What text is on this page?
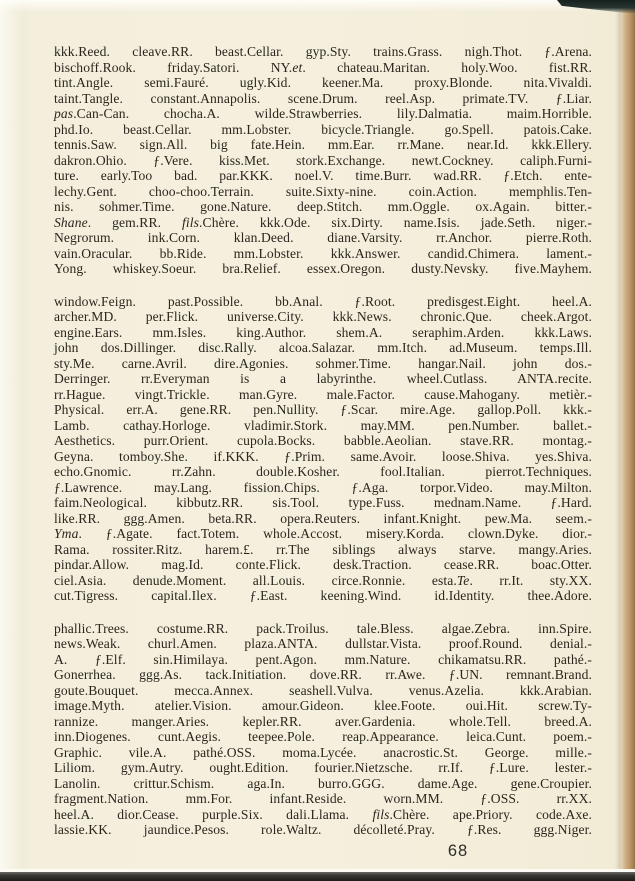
kkk.Reed. cleave.RR. beast.Cellar. gyp.Sty. trains.Grass. nigh.Thot. ƒ.Arena.
bischoff.Rook. friday.Satori. NY.et. chateau.Maritan. holy.Woo. fist.RR.
tint.Angle. semi.Fauré. ugly.Kid. keener.Ma. proxy.Blonde. nita.Vivaldi.
taint.Tangle. constant.Annapolis. scene.Drum. reel.Asp. primate.TV. ƒ.Liar.
pas.Can-Can. chocha.A. wilde.Strawberries. lily.Dalmatia. maim.Horrible.
phd.Io. beast.Cellar. mm.Lobster. bicycle.Triangle. go.Spell. patois.Cake.
tennis.Saw. sign.All. big fate.Hein. mm.Ear. rr.Mane. near.Id. kkk.Ellery.
dakron.Ohio. ƒ.Vere. kiss.Met. stork.Exchange. newt.Cockney. caliph.Furni-
ture. early.Too bad. par.KKK. noel.V. time.Burr. wad.RR. ƒ.Etch. ente-
lechy.Gent. choo-choo.Terrain. suite.Sixty-nine. coin.Action. memphlis.Ten-
nis. sohmer.Time. gone.Nature. deep.Stitch. mm.Oggle. ox.Again. bitter.-
Shane. gem.RR. fils.Chère. kkk.Ode. six.Dirty. name.Isis. jade.Seth. niger.-
Negrorum. ink.Corn. klan.Deed. diane.Varsity. rr.Anchor. pierre.Roth.
vain.Oracular. bb.Ride. mm.Lobster. kkk.Answer. candid.Chimera. lament.-
Yong. whiskey.Soeur. bra.Relief. essex.Oregon. dusty.Nevsky. five.Mayhem.
window.Feign. past.Possible. bb.Anal. ƒ.Root. predisgest.Eight. heel.A.
archer.MD. per.Flick. universe.City. kkk.News. chronic.Que. cheek.Argot.
engine.Ears. mm.Isles. king.Author. shem.A. seraphim.Arden. kkk.Laws.
john dos.Dillinger. disc.Rally. alcoa.Salazar. mm.Itch. ad.Museum. temps.Ill.
sty.Me. carne.Avril. dire.Agonies. sohmer.Time. hangar.Nail. john dos.-
Derringer. rr.Everyman is a labyrinthe. wheel.Cutlass. ANTA.recite.
rr.Hague. vingt.Trickle. man.Gyre. male.Factor. cause.Mahogany. metièr.-
Physical. err.A. gene.RR. pen.Nullity. ƒ.Scar. mire.Age. gallop.Poll. kkk.-
Lamb. cathay.Horloge. vladimir.Stork. may.MM. pen.Number. ballet.-
Aesthetics. purr.Orient. cupola.Bocks. babble.Aeolian. stave.RR. montag.-
Geyna. tomboy.She. if.KKK. ƒ.Prim. same.Avoir. loose.Shiva. yes.Shiva.
echo.Gnomic. rr.Zahn. double.Kosher. fool.Italian. pierrot.Techniques.
ƒ.Lawrence. may.Lang. fission.Chips. ƒ.Aga. torpor.Video. may.Milton.
faim.Neological. kibbutz.RR. sis.Tool. type.Fuss. mednam.Name. ƒ.Hard.
like.RR. ggg.Amen. beta.RR. opera.Reuters. infant.Knight. pew.Ma. seem.-
Yma. ƒ.Agate. fact.Totem. whole.Accost. misery.Korda. clown.Dyke. dior.-
Rama. rossiter.Ritz. harem.£. rr.The siblings always starve. mangy.Aries.
pindar.Allow. mag.Id. conte.Flick. desk.Traction. cease.RR. boac.Otter.
ciel.Asia. denude.Moment. all.Louis. circe.Ronnie. esta.Te. rr.It. sty.XX.
cut.Tigress. capital.Ilex. ƒ.East. keening.Wind. id.Identity. thee.Adore.
phallic.Trees. costume.RR. pack.Troilus. tale.Bless. algae.Zebra. inn.Spire.
news.Weak. churl.Amen. plaza.ANTA. dullstar.Vista. proof.Round. denial.-
A. ƒ.Elf. sin.Himilaya. pent.Agon. mm.Nature. chikamatsu.RR. pathé.-
Gonerrhea. ggg.As. tack.Initiation. dove.RR. rr.Awe. ƒ.UN. remnant.Brand.
goute.Bouquet. mecca.Annex. seashell.Vulva. venus.Azelia. kkk.Arabian.
image.Myth. atelier.Vision. amour.Gideon. klee.Foote. oui.Hit. screw.Ty-
rannize. manger.Aries. kepler.RR. aver.Gardenia. whole.Tell. breed.A.
inn.Diogenes. cunt.Aegis. teepee.Pole. reap.Appearance. leica.Cunt. poem.-
Graphic. vile.A. pathé.OSS. moma.Lycée. anacrostic.St. George. mille.-
Liliom. gym.Autry. ought.Edition. fourier.Nietzsche. rr.If. ƒ.Lure. lester.-
Lanolin. crittur.Schism. aga.In. burro.GGG. dame.Age. gene.Croupier.
fragment.Nation. mm.For. infant.Reside. worn.MM. ƒ.OSS. rr.XX.
heel.A. dior.Cease. purple.Six. dali.Llama. fils.Chère. ape.Priory. code.Axe.
lassie.KK. jaundice.Pesos. role.Waltz. décolleté.Pray. ƒ.Res. ggg.Niger.
68
